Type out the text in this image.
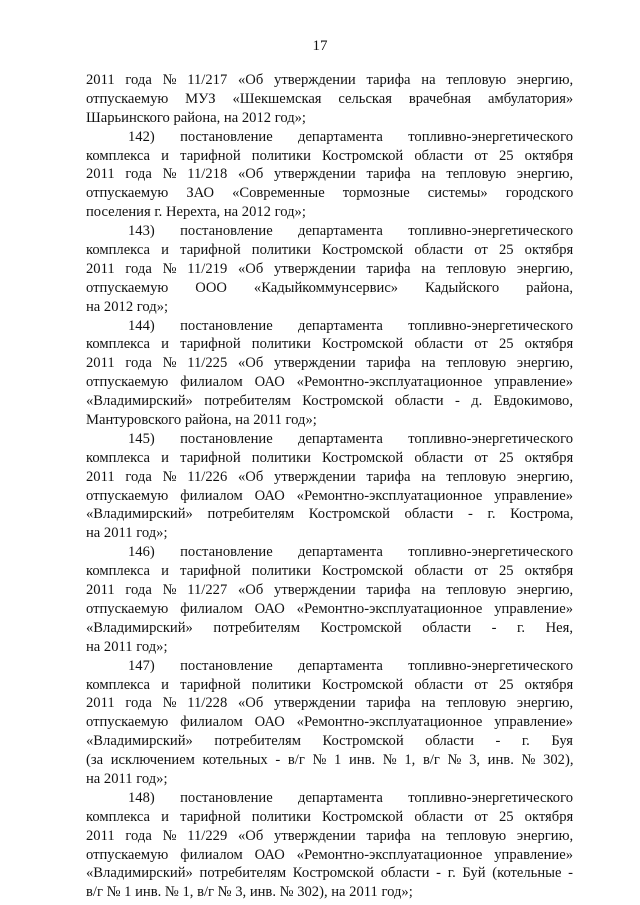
17
2011 года № 11/217 «Об утверждении тарифа на тепловую энергию,
отпускаемую МУЗ «Шекшемская сельская врачебная амбулатория»
Шарьинского района, на 2012 год»;
142) постановление департамента топливно-энергетического
комплекса и тарифной политики Костромской области от 25 октября
2011 года № 11/218 «Об утверждении тарифа на тепловую энергию,
отпускаемую ЗАО «Современные тормозные системы» городского
поселения г. Нерехта, на 2012 год»;
143) постановление департамента топливно-энергетического
комплекса и тарифной политики Костромской области от 25 октября
2011 года № 11/219 «Об утверждении тарифа на тепловую энергию,
отпускаемую ООО «Кадыйкоммунсервис» Кадыйского района,
на 2012 год»;
144) постановление департамента топливно-энергетического
комплекса и тарифной политики Костромской области от 25 октября
2011 года № 11/225 «Об утверждении тарифа на тепловую энергию,
отпускаемую филиалом ОАО «Ремонтно-эксплуатационное управление»
«Владимирский» потребителям Костромской области - д. Евдокимово,
Мантуровского района, на 2011 год»;
145) постановление департамента топливно-энергетического
комплекса и тарифной политики Костромской области от 25 октября
2011 года № 11/226 «Об утверждении тарифа на тепловую энергию,
отпускаемую филиалом ОАО «Ремонтно-эксплуатационное управление»
«Владимирский» потребителям Костромской области - г. Кострома,
на 2011 год»;
146) постановление департамента топливно-энергетического
комплекса и тарифной политики Костромской области от 25 октября
2011 года № 11/227 «Об утверждении тарифа на тепловую энергию,
отпускаемую филиалом ОАО «Ремонтно-эксплуатационное управление»
«Владимирский» потребителям Костромской области - г. Нея,
на 2011 год»;
147) постановление департамента топливно-энергетического
комплекса и тарифной политики Костромской области от 25 октября
2011 года № 11/228 «Об утверждении тарифа на тепловую энергию,
отпускаемую филиалом ОАО «Ремонтно-эксплуатационное управление»
«Владимирский» потребителям Костромской области - г. Буя
(за исключением котельных - в/г № 1 инв. № 1, в/г № 3, инв. № 302),
на 2011 год»;
148) постановление департамента топливно-энергетического
комплекса и тарифной политики Костромской области от 25 октября
2011 года № 11/229 «Об утверждении тарифа на тепловую энергию,
отпускаемую филиалом ОАО «Ремонтно-эксплуатационное управление»
«Владимирский» потребителям Костромской области - г. Буй (котельные -
в/г № 1 инв. № 1, в/г № 3, инв. № 302), на 2011 год»;
